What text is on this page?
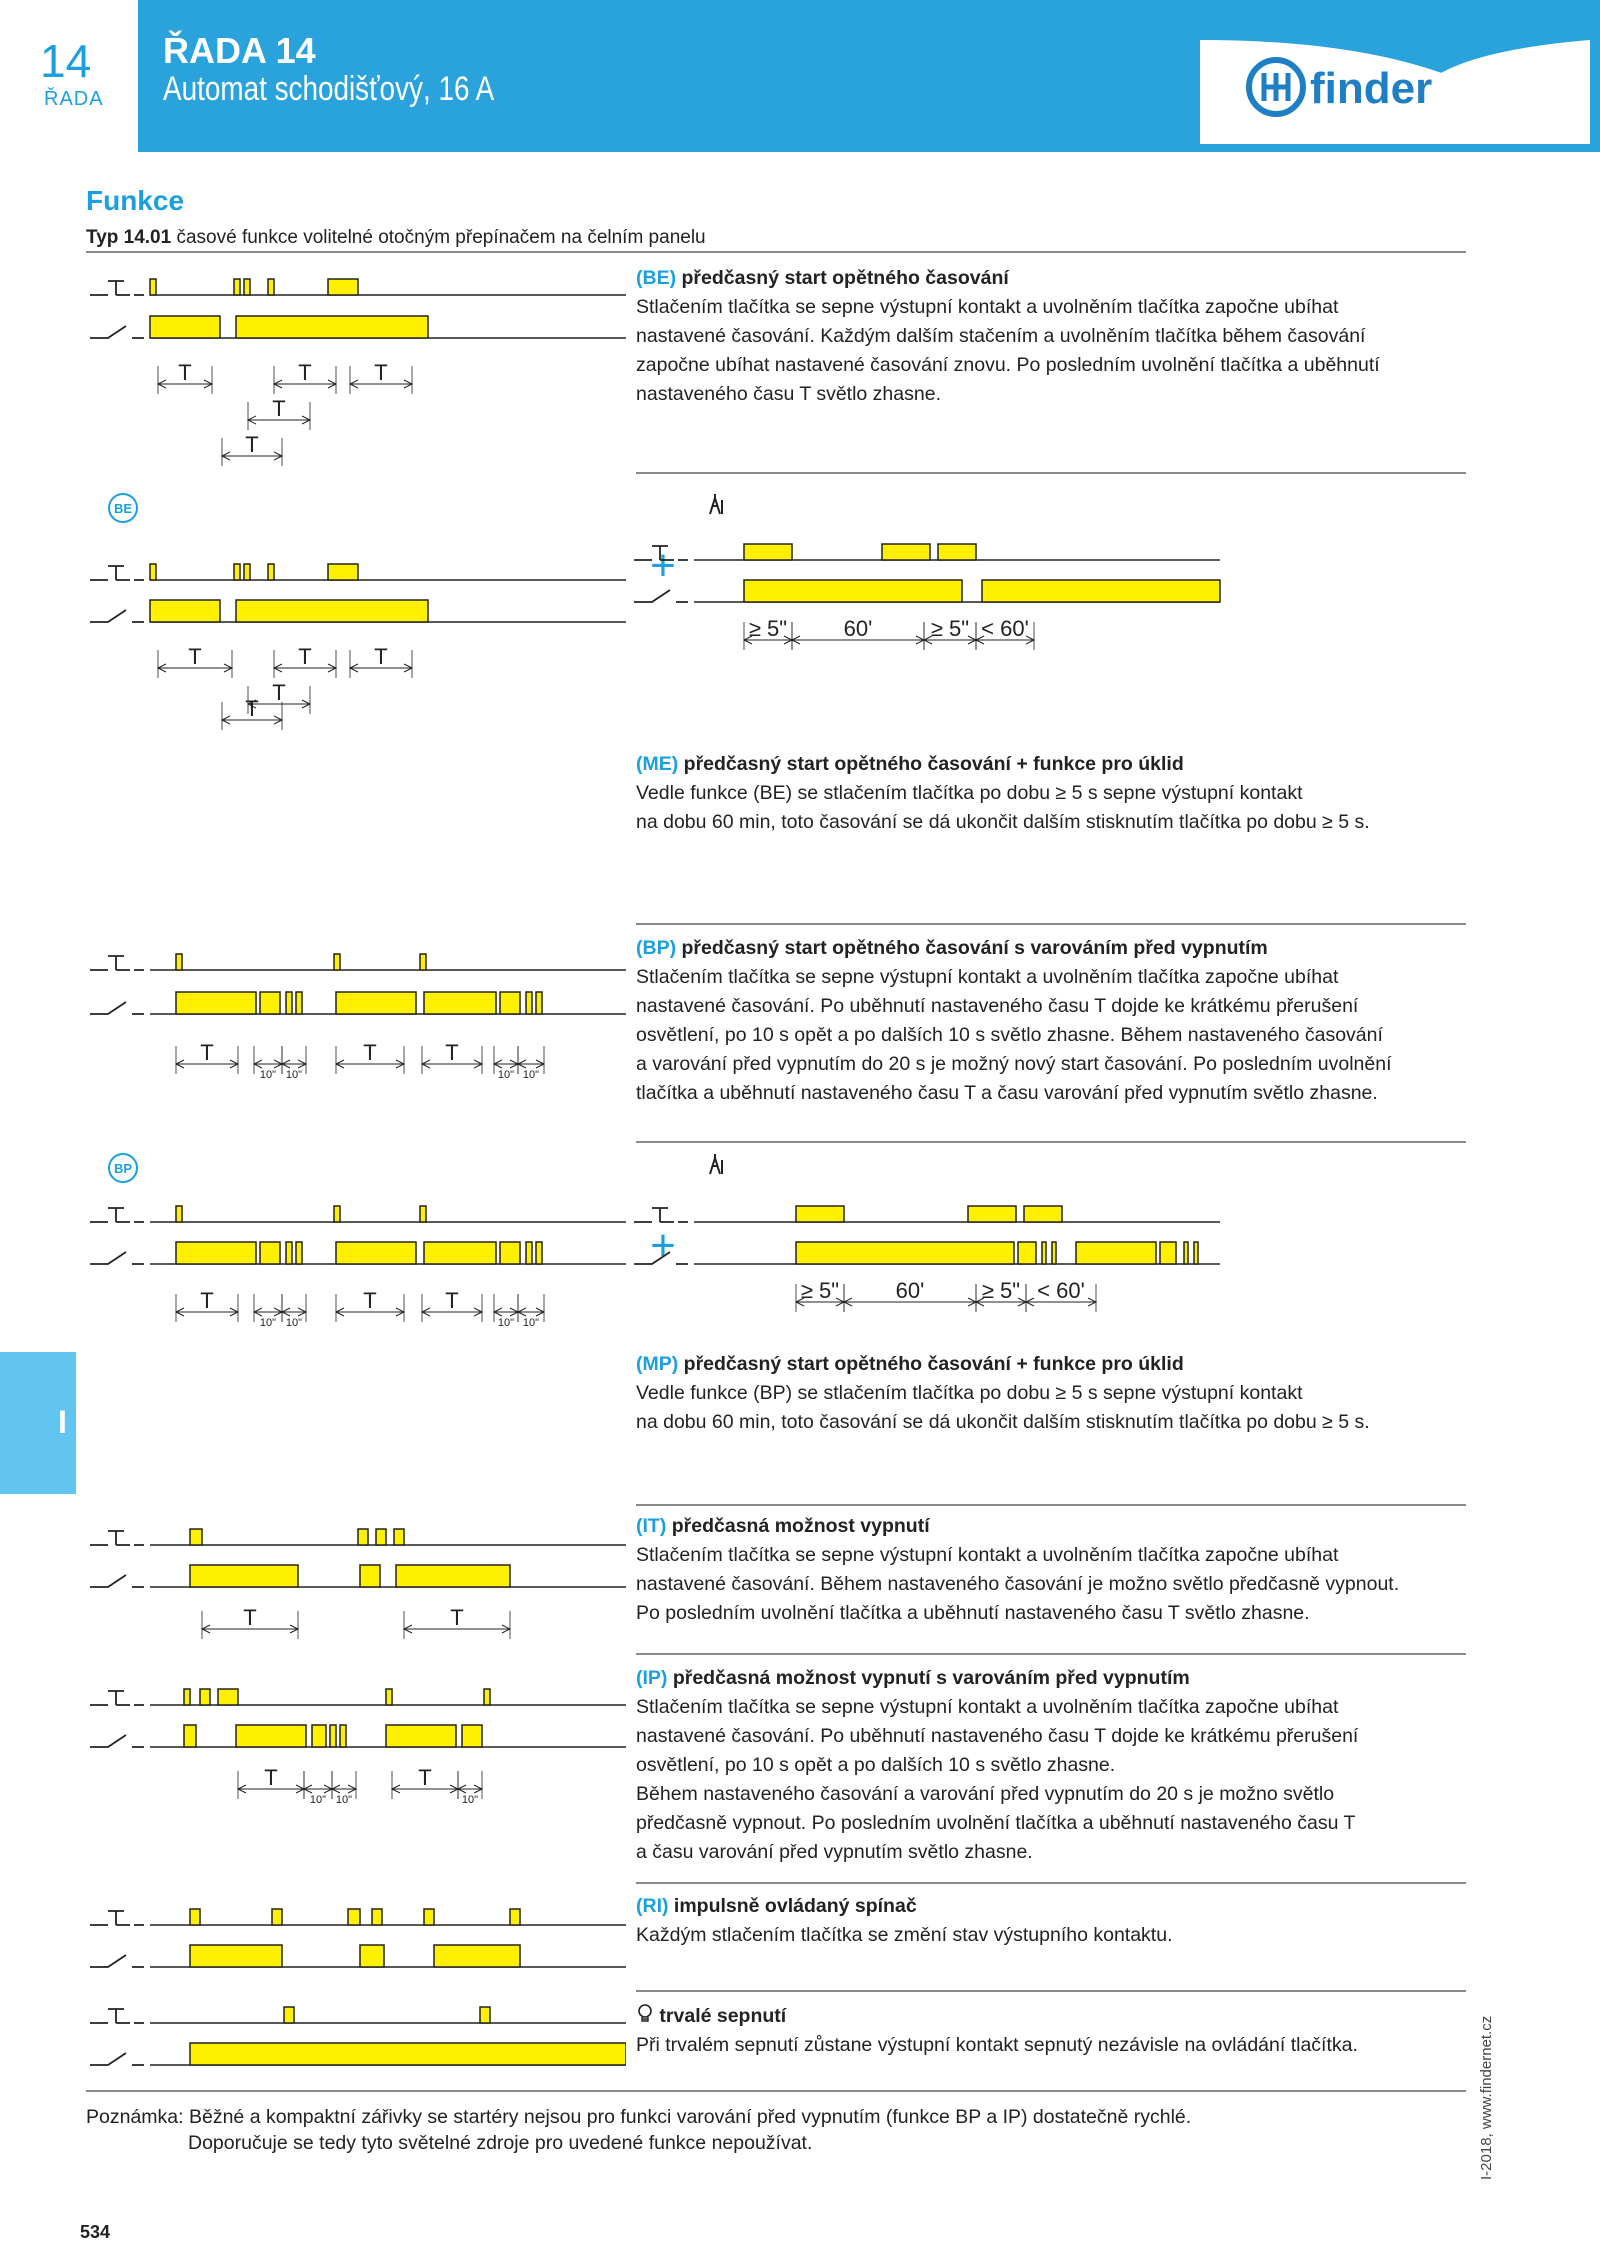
14
ŘADA
ŘADA 14
Automat schodišťový, 16 A	finder
Funkce
Typ 14.01 časové funkce volitelné otočným přepínačem na čelním panelu
(BE) předčasný start opětného časování
Stlačením tlačítka se sepne výstupní kontakt a uvolněním tlačítka započne ubíhat
nastavené časování. Každým dalším stačením a uvolněním tlačítka během časování
započne ubíhat nastavené časování znovu. Po posledním uvolnění tlačítka a uběhnutí
nastaveného času T světlo zhasne.
(ME) předčasný start opětného časování + funkce pro úklid
Vedle funkce (BE) se stlačením tlačítka po dobu ≥ 5 s sepne výstupní kontakt
na dobu 60 min, toto časování se dá ukončit dalším stisknutím tlačítka po dobu ≥ 5 s.
(BP) předčasný start opětného časování s varováním před vypnutím
Stlačením tlačítka se sepne výstupní kontakt a uvolněním tlačítka započne ubíhat
nastavené časování. Po uběhnutí nastaveného času T dojde ke krátkému přerušení
osvětlení, po 10 s opět a po dalších 10 s světlo zhasne. Během nastaveného časování
a varování před vypnutím do 20 s je možný nový start časování. Po posledním uvolnění
tlačítka a uběhnutí nastaveného času T a času varování před vypnutím světlo zhasne.
(MP) předčasný start opětného časování + funkce pro úklid
Vedle funkce (BP) se stlačením tlačítka po dobu ≥ 5 s sepne výstupní kontakt
na dobu 60 min, toto časování se dá ukončit dalším stisknutím tlačítka po dobu ≥ 5 s.
(IT) předčasná možnost vypnutí
Stlačením tlačítka se sepne výstupní kontakt a uvolněním tlačítka započne ubíhat
nastavené časování. Během nastaveného časování je možno světlo předčasně vypnout.
Po posledním uvolnění tlačítka a uběhnutí nastaveného času T světlo zhasne.
(IP) předčasná možnost vypnutí s varováním před vypnutím
Stlačením tlačítka se sepne výstupní kontakt a uvolněním tlačítka započne ubíhat
nastavené časování. Po uběhnutí nastaveného času T dojde ke krátkému přerušení
osvětlení, po 10 s opět a po dalších 10 s světlo zhasne.
Během nastaveného časování a varování před vypnutím do 20 s je možno světlo
předčasně vypnout. Po posledním uvolnění tlačítka a uběhnutí nastaveného času T
a času varování před vypnutím světlo zhasne.
(RI) impulsně ovládaný spínač
Každým stlačením tlačítka se změní stav výstupního kontaktu.
trvalé sepnutí
Při trvalém sepnutí zůstane výstupní kontakt sepnutý nezávisle na ovládání tlačítka.
T	T	T
T
T
BE
T	T	T
T
T
+
≥ 5"	60'	≥ 5" < 60'
T	T	T
10" 10"	10" 10"
BP
T	T	T
10" 10"	10" 10"
+
≥ 5"	60'	≥ 5" < 60'
T	T
T
10" 10"
T
10"
I
I-2018, www.findernet.cz
Poznámka: Běžné a kompaktní zářivky se startéry nejsou pro funkci varování před vypnutím (funkce BP a IP) dostatečně rychlé.
Doporučuje se tedy tyto světelné zdroje pro uvedené funkce nepoužívat.
534
